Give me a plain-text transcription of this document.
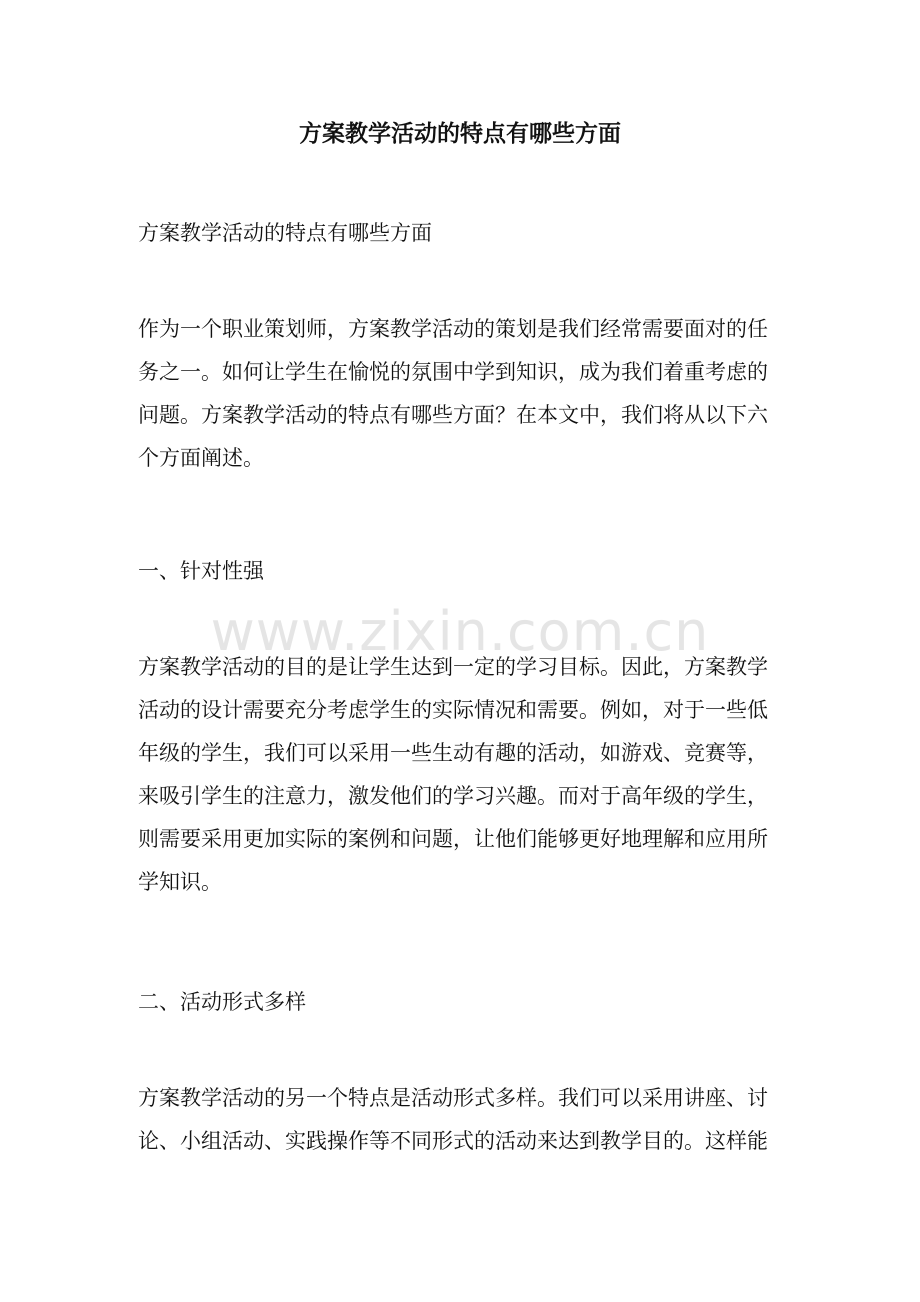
方案教学活动的特点有哪些方面

方案教学活动的特点有哪些方面

作为一个职业策划师，方案教学活动的策划是我们经常需要面对的任
务之一。如何让学生在愉悦的氛围中学到知识，成为我们着重考虑的
问题。方案教学活动的特点有哪些方面？在本文中，我们将从以下六
个方面阐述。

一、针对性强

www.zixin.com.cn
方案教学活动的目的是让学生达到一定的学习目标。因此，方案教学
活动的设计需要充分考虑学生的实际情况和需要。例如，对于一些低
年级的学生，我们可以采用一些生动有趣的活动，如游戏、竞赛等，
来吸引学生的注意力，激发他们的学习兴趣。而对于高年级的学生，
则需要采用更加实际的案例和问题，让他们能够更好地理解和应用所
学知识。

二、活动形式多样

方案教学活动的另一个特点是活动形式多样。我们可以采用讲座、讨
论、小组活动、实践操作等不同形式的活动来达到教学目的。这样能
